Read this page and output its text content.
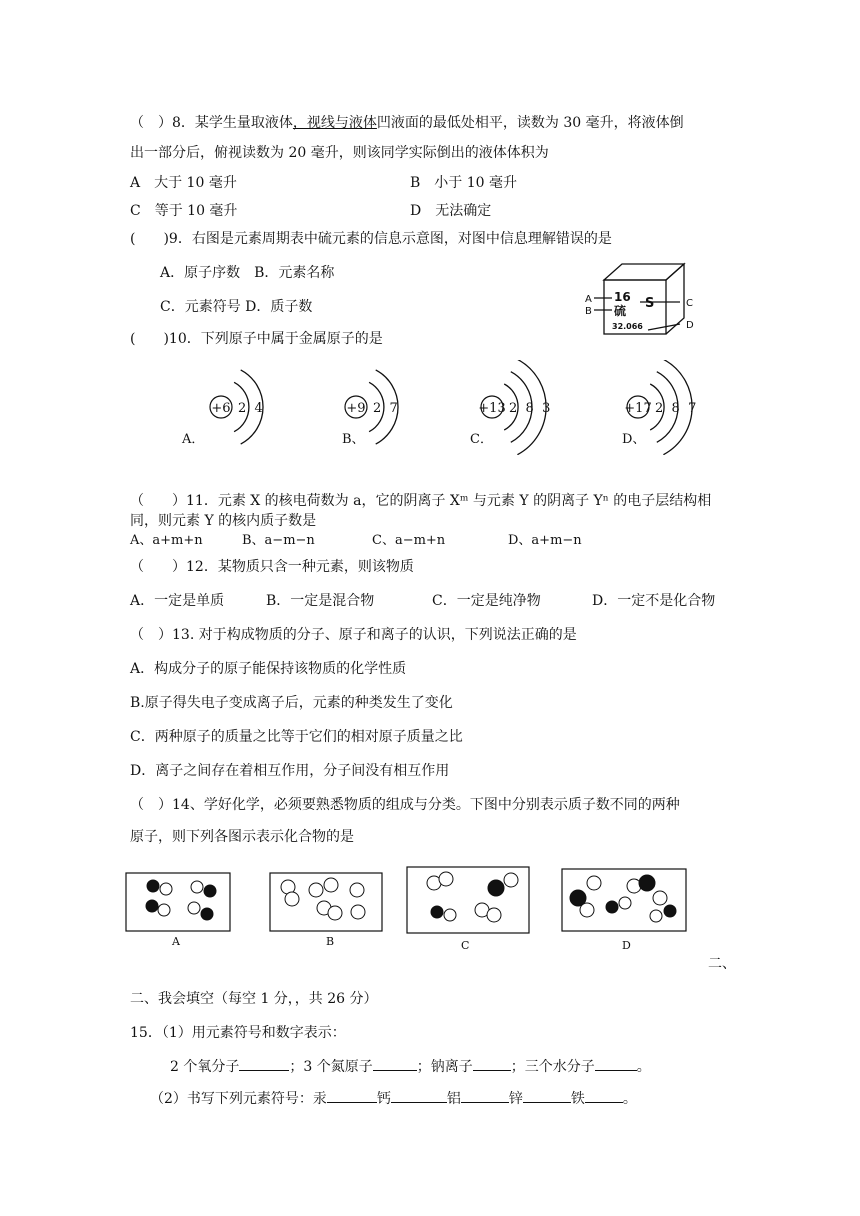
（　）8．某学生量取液体，视线与液体凹液面的最低处相平，读数为 30 毫升，将液体倒
出一部分后，俯视读数为 20 毫升，则该同学实际倒出的液体体积为
A　大于 10 毫升	B　小于 10 毫升
C　等于 10 毫升	D　无法确定
(　　)9．右图是元素周期表中硫元素的信息示意图，对图中信息理解错误的是
A．原子序数　B．元素名称
C．元素符号 D．质子数
16 S
硫
32.066
A
B
C
D
(　　)10．下列原子中属于金属原子的是
+6 2  4
A．
+9 2  7
B、
+13 2  8  3
C．
+17 2  8  7
D、
（　　）11．元素 X 的核电荷数为 a，它的阴离子 Xᵐ 与元素 Y 的阴离子 Yⁿ 的电子层结构相
同，则元素 Y 的核内质子数是
A、a+m+n	B、a−m−n	C、a−m+n	D、a+m−n
（　　）12．某物质只含一种元素，则该物质
A．一定是单质	B．一定是混合物	C．一定是纯净物	D．一定不是化合物
（　）13. 对于构成物质的分子、原子和离子的认识，下列说法正确的是
A．构成分子的原子能保持该物质的化学性质
B.原子得失电子变成离子后，元素的种类发生了变化
C．两种原子的质量之比等于它们的相对原子质量之比
D．离子之间存在着相互作用，分子间没有相互作用
（　）14、学好化学，必须要熟悉物质的组成与分类。下图中分别表示质子数不同的两种
原子，则下列各图示表示化合物的是
A	B	C	D
二、
二、我会填空（每空 1 分，，共 26 分）
15．（1）用元素符号和数字表示：
2 个氧分子	；3 个氮原子	；钠离子	；三个水分子	。
（2）书写下列元素符号：汞	钙	铝	锌	铁	。
